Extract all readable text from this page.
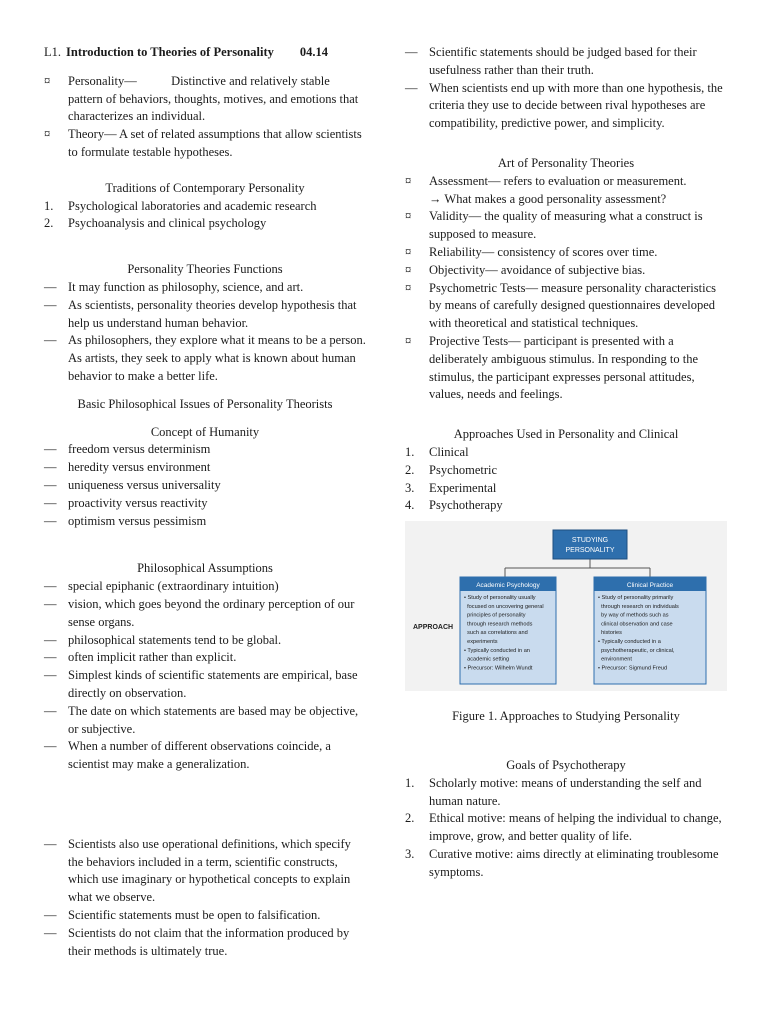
L1. Introduction to Theories of Personality 04.14
¤	Personality—           Distinctive and relatively stable pattern of behaviors, thoughts, motives, and emotions that characterizes an individual.
¤	Theory— A set of related assumptions that allow scientists to formulate testable hypotheses.
Traditions of Contemporary Personality
1.	Psychological laboratories and academic research
2.	Psychoanalysis and clinical psychology
Personality Theories Functions
— It may function as philosophy, science, and art.
— As scientists, personality theories develop hypothesis that help us understand human behavior.
— As philosophers, they explore what it means to be a person. As artists, they seek to apply what is known about human behavior to make a better life.
Basic Philosophical Issues of Personality Theorists
Concept of Humanity
— freedom versus determinism
— heredity versus environment
— uniqueness versus universality
— proactivity versus reactivity
— optimism versus pessimism
Philosophical Assumptions
— special epiphanic (extraordinary intuition)
— vision, which goes beyond the ordinary perception of our sense organs.
— philosophical statements tend to be global.
— often implicit rather than explicit.
— Simplest kinds of scientific statements are empirical, base directly on observation.
— The date on which statements are based may be objective, or subjective.
— When a number of different observations coincide, a scientist may make a generalization.
— Scientists also use operational definitions, which specify the behaviors included in a term, scientific constructs, which use imaginary or hypothetical concepts to explain what we observe.
— Scientific statements must be open to falsification.
— Scientists do not claim that the information produced by their methods is ultimately true.
— Scientific statements should be judged based for their usefulness rather than their truth.
— When scientists end up with more than one hypothesis, the criteria they use to decide between rival hypotheses are compatibility, predictive power, and simplicity.
Art of Personality Theories
¤	Assessment— refers to evaluation or measurement.
→ What makes a good personality assessment?
¤	Validity— the quality of measuring what a construct is supposed to measure.
¤	Reliability— consistency of scores over time.
¤	Objectivity— avoidance of subjective bias.
¤	Psychometric Tests— measure personality characteristics by means of carefully designed questionnaires developed with theoretical and statistical techniques.
¤	Projective Tests— participant is presented with a deliberately ambiguous stimulus. In responding to the stimulus, the participant expresses personal attitudes, values, needs and feelings.
Approaches Used in Personality and Clinical
1.	Clinical
2.	Psychometric
3.	Experimental
4.	Psychotherapy
STUDYING
PERSONALITY
APPROACH
Academic Psychology
• Study of personality usually
focused on uncovering general
principles of personality
through research methods
such as correlations and
experiments
• Typically conducted in an
academic setting
• Precursor: Wilhelm Wundt
Clinical Practice
• Study of personality primarily
through research on individuals
by way of methods such as
clinical observation and case
histories
• Typically conducted in a
psychotherapeutic, or clinical,
environment
• Precursor: Sigmund Freud
Figure 1. Approaches to Studying Personality
Goals of Psychotherapy
1.	Scholarly motive: means of understanding the self and human nature.
2.	Ethical motive: means of helping the individual to change, improve, grow, and better quality of life.
3.	Curative motive: aims directly at eliminating troublesome symptoms.
